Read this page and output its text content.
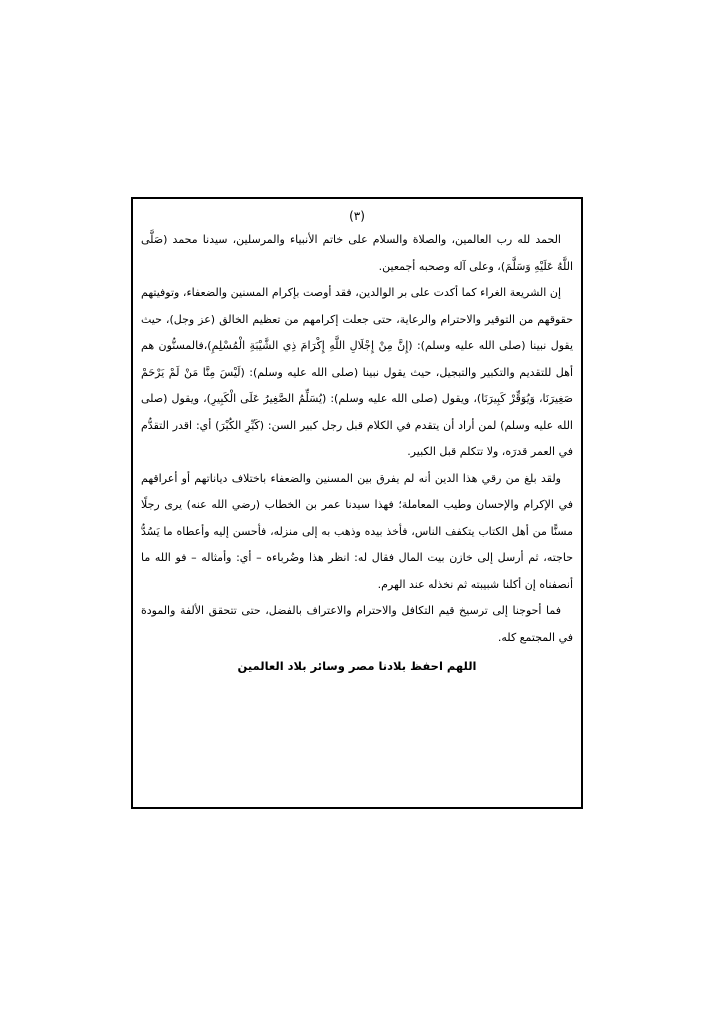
(٣)

الحمد لله رب العالمين، والصلاة والسلام على خاتم الأنبياء والمرسلين، سيدنا محمد (صَلَّى اللَّهُ عَلَيْهِ وَسَلَّمَ)، وعلى آله وصحبه أجمعين.

إن الشريعة الغراء كما أكدت على بر الوالدين، فقد أوصت بإكرام المسنين والضعفاء، وتوفيتهم حقوقهم من التوقير والاحترام والرعاية، حتى جعلت إكرامهم من تعظيم الخالق (عز وجل)، حيث يقول نبينا (صلى الله عليه وسلم): (إِنَّ مِنْ إِجْلَالِ اللَّهِ إِكْرَامَ ذِي الشَّيْبَةِ الْمُسْلِمِ)،فالمسنُّون هم أهل للتقديم والتكبير والتبجيل، حيث يقول نبينا (صلى الله عليه وسلم): (لَيْسَ مِنَّا مَنْ لَمْ يَرْحَمْ صَغِيرَنَا، وَيُوَقِّرْ كَبِيرَنَا)، ويقول (صلى الله عليه وسلم): (يُسَلِّمُ الصَّغِيرُ عَلَى الْكَبِيرِ)، ويقول (صلى الله عليه وسلم) لمن أراد أن يتقدم في الكلام قبل رجل كبير السن: (كَبِّرِ الكُبْرَ) أي: اقدر التقدُّم في العمر قدرَه، ولا تتكلم قبل الكبير.

ولقد بلغ من رقي هذا الدين أنه لم يفرق بين المسنين والضعفاء باختلاف دياناتهم أو أعراقهم في الإكرام والإحسان وطيب المعاملة؛ فهذا سيدنا عمر بن الخطاب (رضي الله عنه) يرى رجلًا مسنًّا من أهل الكتاب يتكفف الناس، فأخذ بيده وذهب به إلى منزله، فأحسن إليه وأعطاه ما يَسُدُّ حاجته، ثم أرسل إلى خازن بيت المال فقال له: انظر هذا وضُرباءه – أي: وأمثاله – فو الله ما أنصفناه إن أكلنا شبيبته ثم نخذله عند الهرم.

فما أحوجنا إلى ترسيخ قيم التكافل والاحترام والاعتراف بالفضل، حتى تتحقق الألفة والمودة في المجتمع كله.

اللهم احفظ بلادنا مصر وسائر بلاد العالمين
